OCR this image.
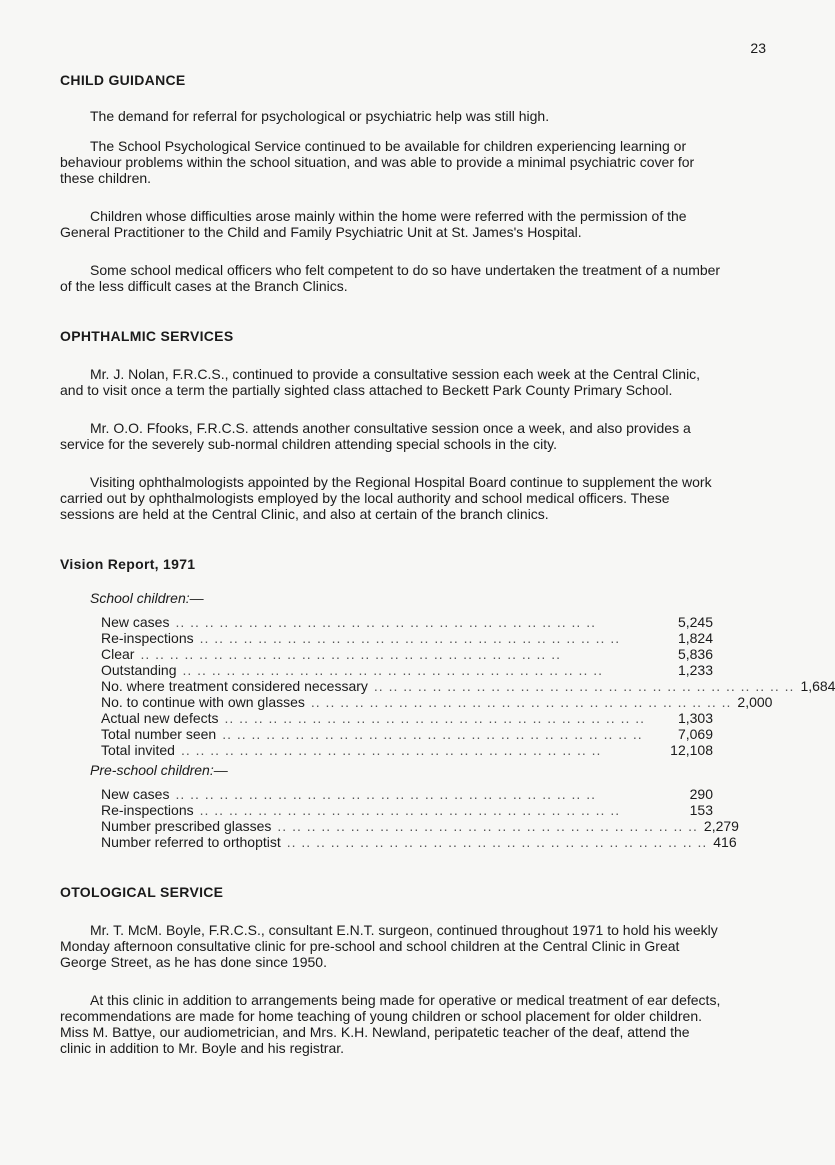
23
CHILD GUIDANCE

The demand for referral for psychological or psychiatric help was still high.

The School Psychological Service continued to be available for children experiencing learning or behaviour problems within the school situation, and was able to provide a minimal psychiatric cover for these children.

Children whose difficulties arose mainly within the home were referred with the permission of the General Practitioner to the Child and Family Psychiatric Unit at St. James's Hospital.

Some school medical officers who felt competent to do so have undertaken the treatment of a number of the less difficult cases at the Branch Clinics.

OPHTHALMIC SERVICES

Mr. J. Nolan, F.R.C.S., continued to provide a consultative session each week at the Central Clinic, and to visit once a term the partially sighted class attached to Beckett Park County Primary School.

Mr. O.O. Ffooks, F.R.C.S. attends another consultative session once a week, and also provides a service for the severely sub-normal children attending special schools in the city.

Visiting ophthalmologists appointed by the Regional Hospital Board continue to supplement the work carried out by ophthalmologists employed by the local authority and school medical officers. These sessions are held at the Central Clinic, and also at certain of the branch clinics.

Vision Report, 1971
School children:—
New cases .. .. .. .. .. .. .. .. .. .. .. .. .. .. .. .. .. .. .. .. .. .. .. .. .. .. .. .. ..	5,245
Re-inspections .. .. .. .. .. .. .. .. .. .. .. .. .. .. .. .. .. .. .. .. .. .. .. .. .. .. .. .. ..	1,824
Clear .. .. .. .. .. .. .. .. .. .. .. .. .. .. .. .. .. .. .. .. .. .. .. .. .. .. .. .. ..	5,836
Outstanding .. .. .. .. .. .. .. .. .. .. .. .. .. .. .. .. .. .. .. .. .. .. .. .. .. .. .. .. ..	1,233
No. where treatment considered necessary .. .. .. .. .. .. .. .. .. .. .. .. .. .. .. .. .. .. .. .. .. .. .. .. .. .. .. .. .. 1,684
No. to continue with own glasses .. .. .. .. .. .. .. .. .. .. .. .. .. .. .. .. .. .. .. .. .. .. .. .. .. .. .. .. .. 2,000
Actual new defects .. .. .. .. .. .. .. .. .. .. .. .. .. .. .. .. .. .. .. .. .. .. .. .. .. .. .. .. ..	1,303
Total number seen .. .. .. .. .. .. .. .. .. .. .. .. .. .. .. .. .. .. .. .. .. .. .. .. .. .. .. .. ..	7,069
Total invited .. .. .. .. .. .. .. .. .. .. .. .. .. .. .. .. .. .. .. .. .. .. .. .. .. .. .. .. ..	12,108
Pre-school children:—
New cases .. .. .. .. .. .. .. .. .. .. .. .. .. .. .. .. .. .. .. .. .. .. .. .. .. .. .. .. ..	290
Re-inspections .. .. .. .. .. .. .. .. .. .. .. .. .. .. .. .. .. .. .. .. .. .. .. .. .. .. .. .. ..	153
Number prescribed glasses .. .. .. .. .. .. .. .. .. .. .. .. .. .. .. .. .. .. .. .. .. .. .. .. .. .. .. .. .. 2,279
Number referred to orthoptist .. .. .. .. .. .. .. .. .. .. .. .. .. .. .. .. .. .. .. .. .. .. .. .. .. .. .. .. .. 416
OTOLOGICAL SERVICE

Mr. T. McM. Boyle, F.R.C.S., consultant E.N.T. surgeon, continued throughout 1971 to hold his weekly Monday afternoon consultative clinic for pre-school and school children at the Central Clinic in Great George Street, as he has done since 1950.

At this clinic in addition to arrangements being made for operative or medical treatment of ear defects, recommendations are made for home teaching of young children or school placement for older children. Miss M. Battye, our audiometrician, and Mrs. K.H. Newland, peripatetic teacher of the deaf, attend the clinic in addition to Mr. Boyle and his registrar.
